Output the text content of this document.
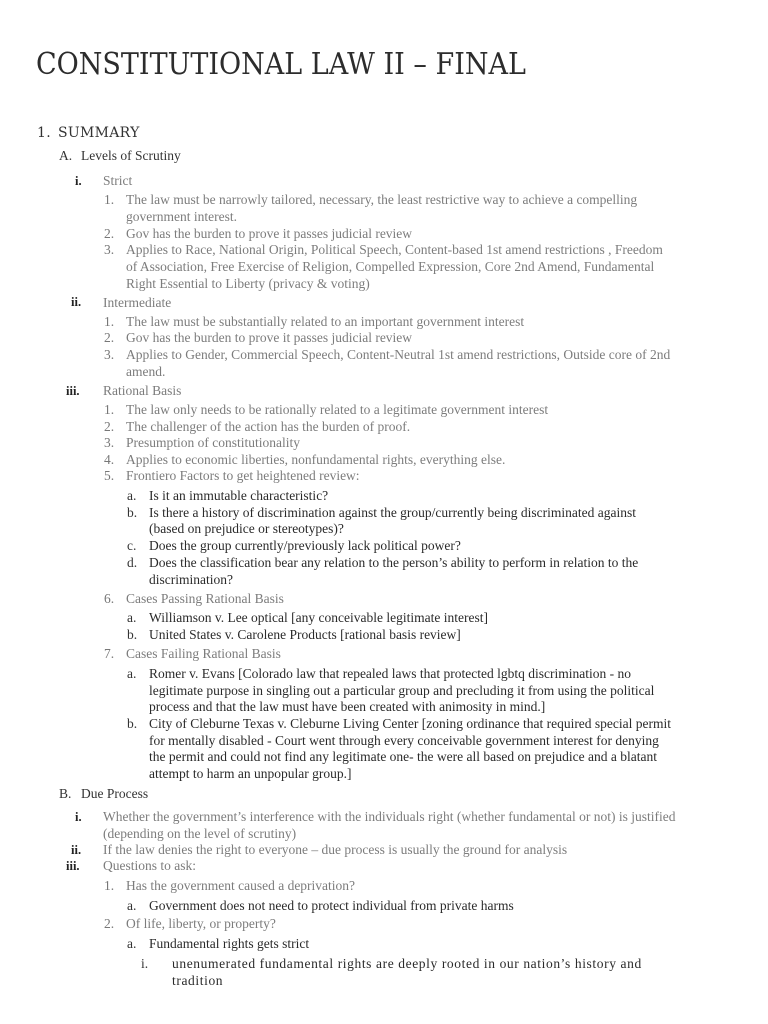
CONSTITUTIONAL LAW II – FINAL
1. SUMMARY
A. Levels of Scrutiny
i. Strict
1. The law must be narrowly tailored, necessary, the least restrictive way to achieve a compelling
government interest.
2. Gov has the burden to prove it passes judicial review
3. Applies to Race, National Origin, Political Speech, Content-based 1st amend restrictions , Freedom
of Association, Free Exercise of Religion, Compelled Expression, Core 2nd Amend, Fundamental
Right Essential to Liberty (privacy & voting)
ii. Intermediate
1. The law must be substantially related to an important government interest
2. Gov has the burden to prove it passes judicial review
3. Applies to Gender, Commercial Speech, Content-Neutral 1st amend restrictions, Outside core of 2nd
amend.
iii. Rational Basis
1. The law only needs to be rationally related to a legitimate government interest
2. The challenger of the action has the burden of proof.
3. Presumption of constitutionality
4. Applies to economic liberties, nonfundamental rights, everything else.
5. Frontiero Factors to get heightened review:
a. Is it an immutable characteristic?
b. Is there a history of discrimination against the group/currently being discriminated against
(based on prejudice or stereotypes)?
c. Does the group currently/previously lack political power?
d. Does the classification bear any relation to the person’s ability to perform in relation to the
discrimination?
6. Cases Passing Rational Basis
a. Williamson v. Lee optical [any conceivable legitimate interest]
b. United States v. Carolene Products [rational basis review]
7. Cases Failing Rational Basis
a. Romer v. Evans [Colorado law that repealed laws that protected lgbtq discrimination - no
legitimate purpose in singling out a particular group and precluding it from using the political
process and that the law must have been created with animosity in mind.]
b. City of Cleburne Texas v. Cleburne Living Center [zoning ordinance that required special permit
for mentally disabled - Court went through every conceivable government interest for denying
the permit and could not find any legitimate one- the were all based on prejudice and a blatant
attempt to harm an unpopular group.]
B. Due Process
i. Whether the government’s interference with the individuals right (whether fundamental or not) is justified
(depending on the level of scrutiny)
ii. If the law denies the right to everyone – due process is usually the ground for analysis
iii. Questions to ask:
1. Has the government caused a deprivation?
a. Government does not need to protect individual from private harms
2. Of life, liberty, or property?
a. Fundamental rights gets strict
i. unenumerated fundamental rights are deeply rooted in our nation’s history and
tradition
